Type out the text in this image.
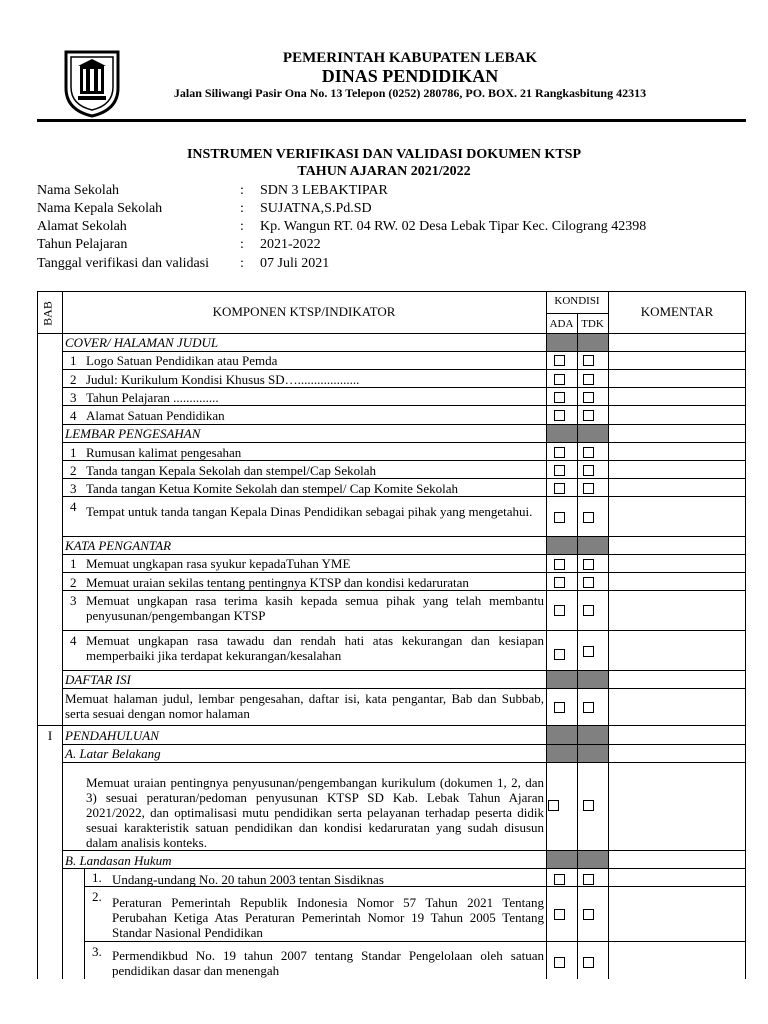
PEMERINTAH KABUPATEN LEBAK
DINAS PENDIDIKAN
Jalan Siliwangi Pasir Ona No. 13 Telepon (0252) 280786, PO. BOX. 21 Rangkasbitung 42313
INSTRUMEN VERIFIKASI DAN VALIDASI DOKUMEN KTSP
TAHUN AJARAN 2021/2022
Nama Sekolah	: SDN 3 LEBAKTIPAR
Nama Kepala Sekolah	: SUJATNA,S.Pd.SD
Alamat Sekolah	: Kp. Wangun RT. 04 RW. 02 Desa Lebak Tipar Kec. Cilograng 42398
Tahun Pelajaran	: 2021-2022
Tanggal verifikasi dan validasi : 07 Juli 2021
BAB	KOMPONEN KTSP/INDIKATOR
KONDISI
ADA TDK
KOMENTAR
COVER/ HALAMAN JUDUL
1 Logo Satuan Pendidikan atau Pemda
2 Judul: Kurikulum Kondisi Khusus SD…...................
3 Tahun Pelajaran ..............
4 Alamat Satuan Pendidikan
LEMBAR PENGESAHAN
1 Rumusan kalimat pengesahan
2 Tanda tangan Kepala Sekolah dan stempel/Cap Sekolah
3 Tanda tangan Ketua Komite Sekolah dan stempel/ Cap Komite Sekolah
4 Tempat untuk tanda tangan Kepala Dinas Pendidikan sebagai pihak yang mengetahui.
KATA PENGANTAR
1 Memuat ungkapan rasa syukur kepadaTuhan YME
2 Memuat uraian sekilas tentang pentingnya KTSP dan kondisi kedaruratan
3 Memuat ungkapan rasa terima kasih kepada semua pihak yang telah membantu penyusunan/pengembangan KTSP
4 Memuat ungkapan rasa tawadu dan rendah hati atas kekurangan dan kesiapan memperbaiki jika terdapat kekurangan/kesalahan
DAFTAR ISI
Memuat halaman judul, lembar pengesahan, daftar isi, kata pengantar, Bab dan Subbab, serta sesuai dengan nomor halaman
I PENDAHULUAN
A. Latar Belakang
Memuat uraian pentingnya penyusunan/pengembangan kurikulum (dokumen 1, 2, dan 3) sesuai peraturan/pedoman penyusunan KTSP SD Kab. Lebak Tahun Ajaran 2021/2022, dan optimalisasi mutu pendidikan serta pelayanan terhadap peserta didik sesuai karakteristik satuan pendidikan dan kondisi kedaruratan yang sudah disusun dalam analisis konteks.
B. Landasan Hukum
1. Undang-undang No. 20 tahun 2003 tentan Sisdiknas
2. Peraturan Pemerintah Republik Indonesia Nomor 57 Tahun 2021 Tentang Perubahan Ketiga Atas Peraturan Pemerintah Nomor 19 Tahun 2005 Tentang Standar Nasional Pendidikan
3. Permendikbud No. 19 tahun 2007 tentang Standar Pengelolaan oleh satuan pendidikan dasar dan menengah
